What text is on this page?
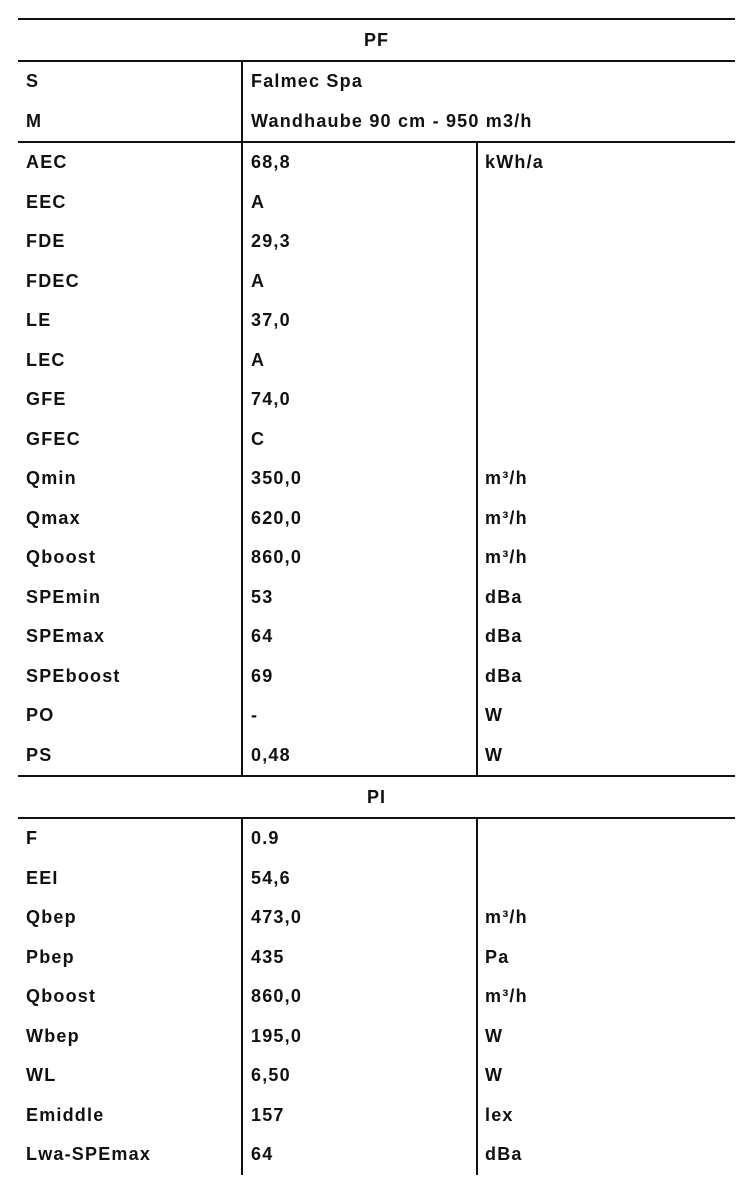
PF
S	Falmec Spa
M	Wandhaube 90 cm - 950 m3/h
AEC	68,8	kWh/a
EEC	A
FDE	29,3
FDEC	A
LE	37,0
LEC	A
GFE	74,0
GFEC	C
Qmin	350,0	m³/h
Qmax	620,0	m³/h
Qboost	860,0	m³/h
SPEmin	53	dBa
SPEmax	64	dBa
SPEboost	69	dBa
PO	-	W
PS	0,48	W
PI
F	0.9
EEI	54,6
Qbep	473,0	m³/h
Pbep	435	Pa
Qboost	860,0	m³/h
Wbep	195,0	W
WL	6,50	W
Emiddle	157	lex
Lwa-SPEmax	64	dBa
